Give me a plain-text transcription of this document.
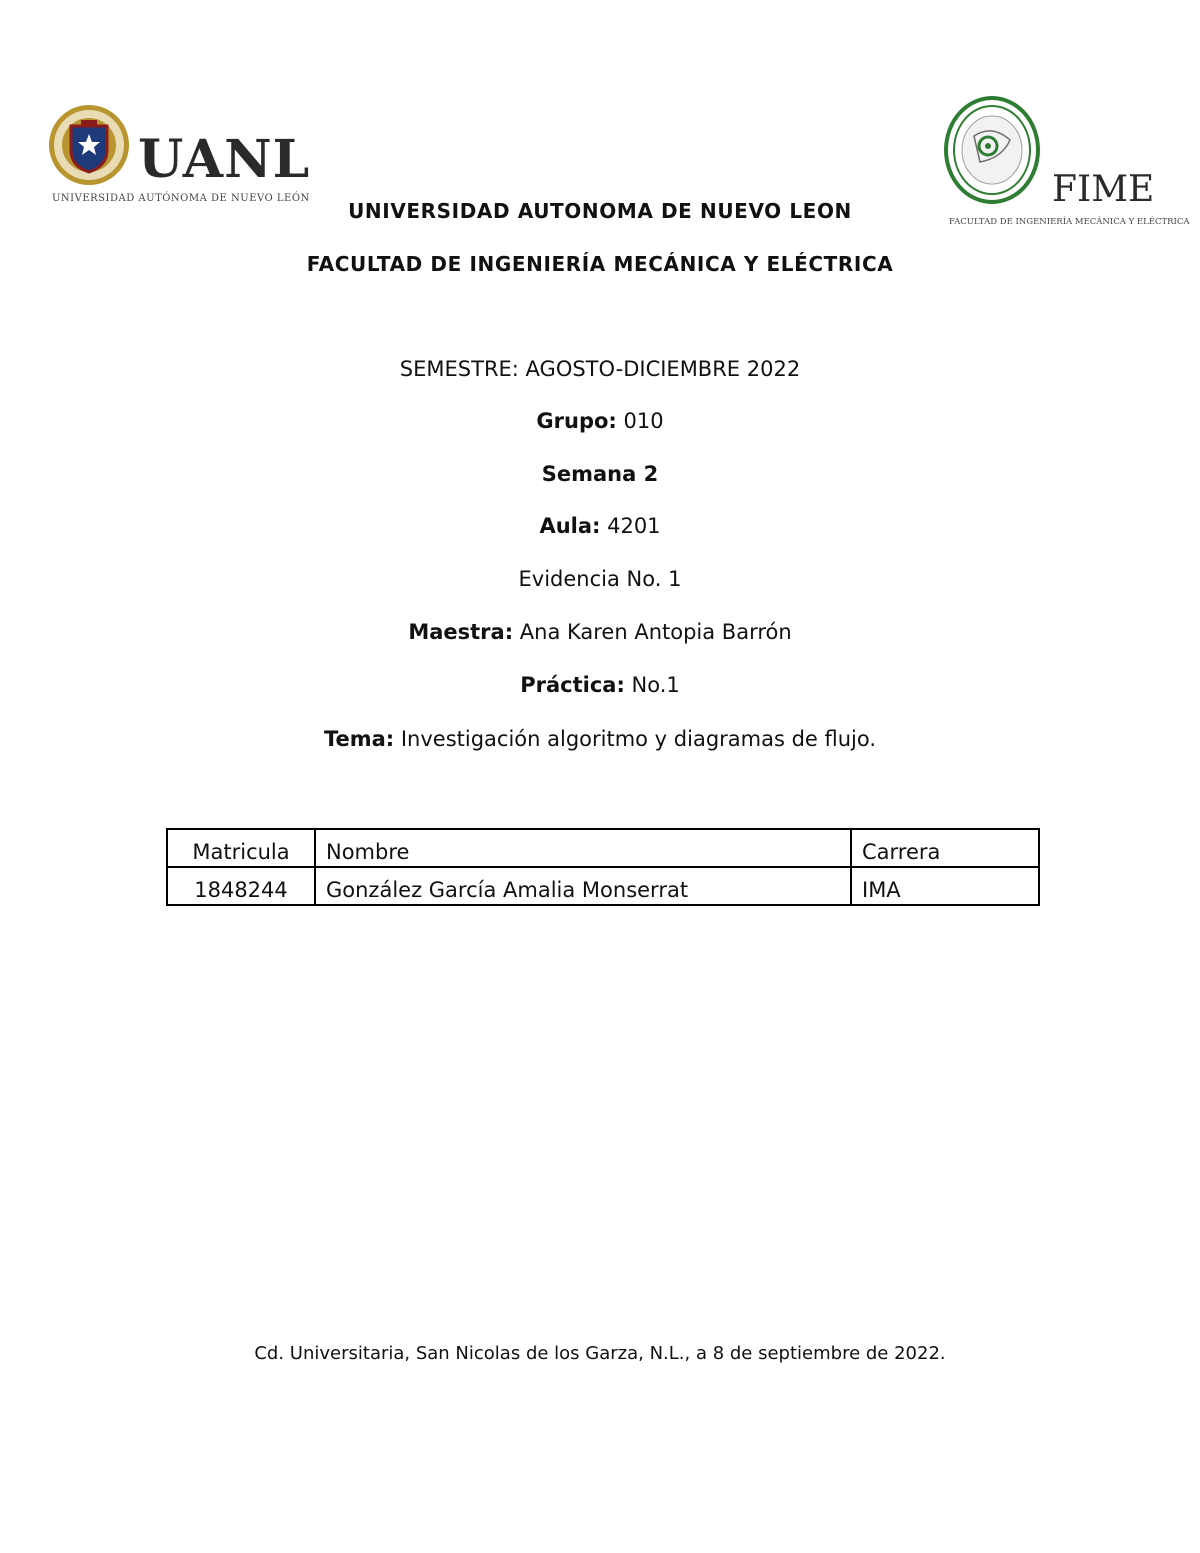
UANL
UNIVERSIDAD AUTÓNOMA DE NUEVO LEÓN	FIME
FACULTAD DE INGENIERÍA MECÁNICA Y ELÉCTRICA
UNIVERSIDAD AUTONOMA DE NUEVO LEON
FACULTAD DE INGENIERÍA MECÁNICA Y ELÉCTRICA
SEMESTRE: AGOSTO-DICIEMBRE 2022
Grupo: 010
Semana 2
Aula: 4201
Evidencia No. 1
Maestra: Ana Karen Antopia Barrón
Práctica: No.1
Tema: Investigación algoritmo y diagramas de flujo.
Matricula	Nombre	Carrera
1848244	González García Amalia Monserrat	IMA
Cd. Universitaria, San Nicolas de los Garza, N.L., a 8 de septiembre de 2022.
